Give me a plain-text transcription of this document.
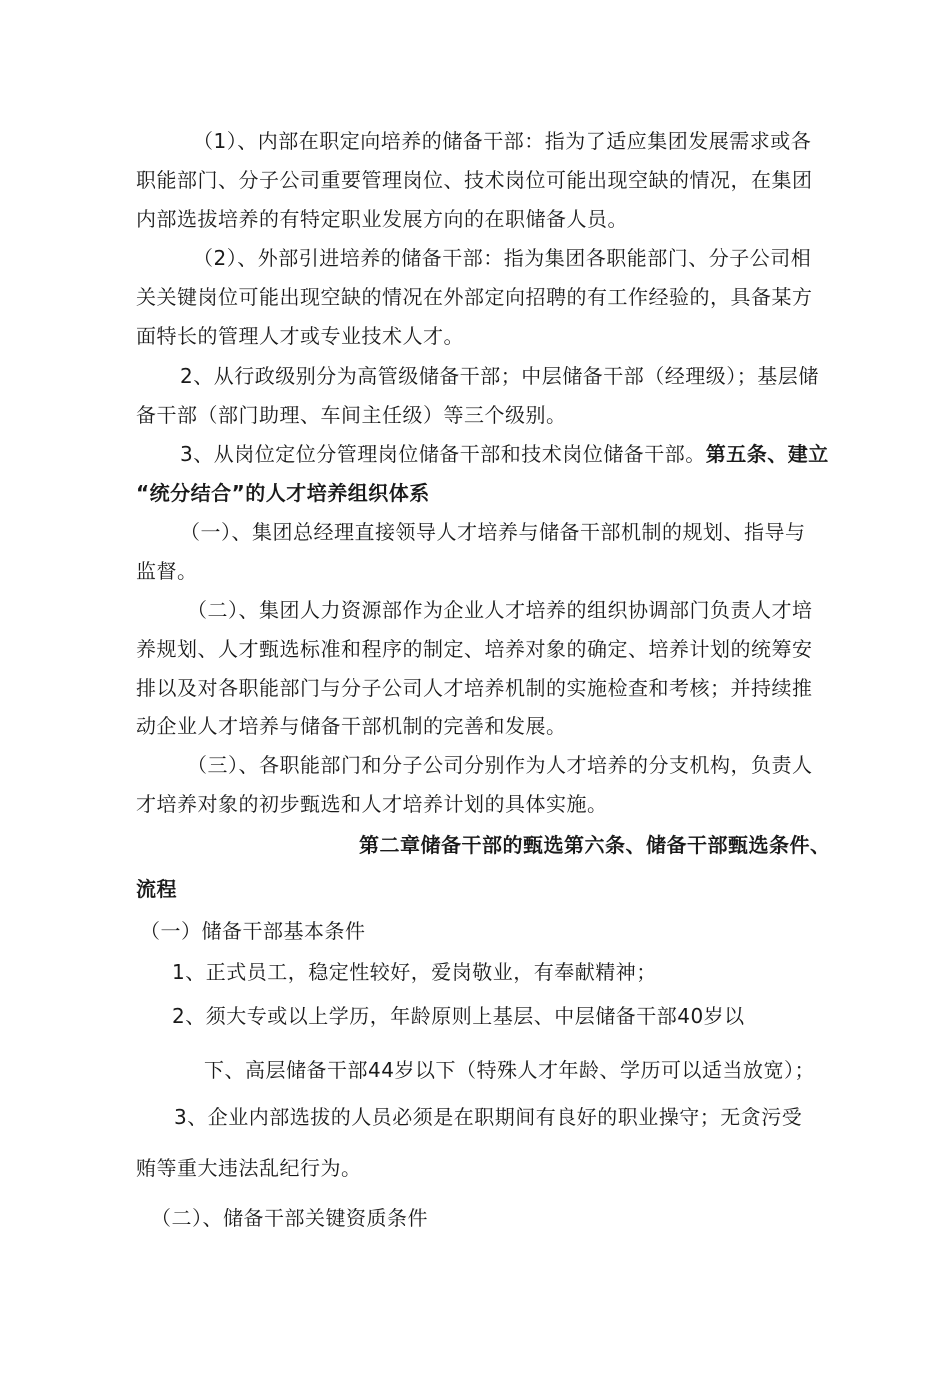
（1）、内部在职定向培养的储备干部：指为了适应集团发展需求或各
职能部门、分子公司重要管理岗位、技术岗位可能出现空缺的情况，在集团
内部选拔培养的有特定职业发展方向的在职储备人员。
（2）、外部引进培养的储备干部：指为集团各职能部门、分子公司相
关关键岗位可能出现空缺的情况在外部定向招聘的有工作经验的，具备某方
面特长的管理人才或专业技术人才。
2、从行政级别分为高管级储备干部；中层储备干部（经理级）；基层储
备干部（部门助理、车间主任级）等三个级别。
3、从岗位定位分管理岗位储备干部和技术岗位储备干部。第五条、建立
“统分结合”的人才培养组织体系
（一）、集团总经理直接领导人才培养与储备干部机制的规划、指导与
监督。
（二）、集团人力资源部作为企业人才培养的组织协调部门负责人才培
养规划、人才甄选标准和程序的制定、培养对象的确定、培养计划的统筹安
排以及对各职能部门与分子公司人才培养机制的实施检查和考核；并持续推
动企业人才培养与储备干部机制的完善和发展。
（三）、各职能部门和分子公司分别作为人才培养的分支机构，负责人
才培养对象的初步甄选和人才培养计划的具体实施。
第二章储备干部的甄选第六条、储备干部甄选条件、
流程
（一）储备干部基本条件
1、正式员工，稳定性较好，爱岗敬业，有奉献精神；
2、须大专或以上学历，年龄原则上基层、中层储备干部40岁以
下、高层储备干部44岁以下（特殊人才年龄、学历可以适当放宽）；
3、企业内部选拔的人员必须是在职期间有良好的职业操守；无贪污受
贿等重大违法乱纪行为。
（二）、储备干部关键资质条件
